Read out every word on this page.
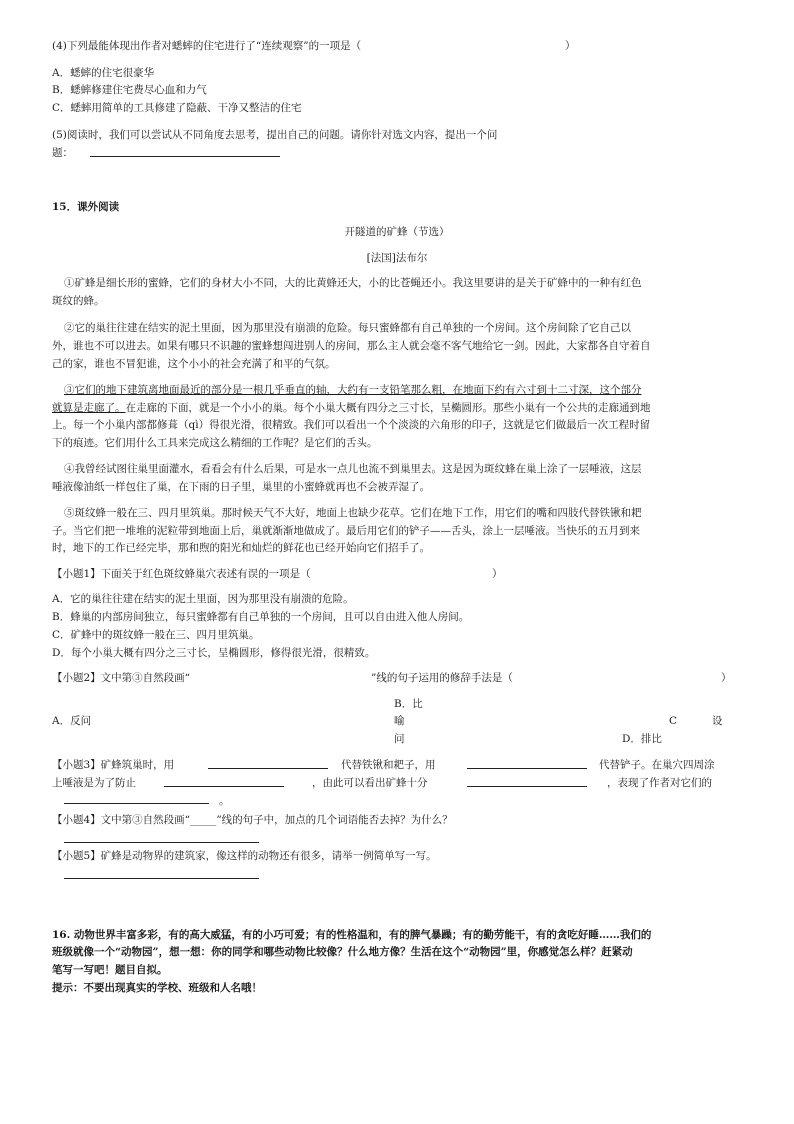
(4)下列最能体现出作者对蟋蟀的住宅进行了“连续观察”的一项是（	）
A．蟋蟀的住宅很豪华
B．蟋蟀修建住宅费尽心血和力气
C．蟋蟀用简单的工具修建了隐蔽、干净又整洁的住宅
(5)阅读时，我们可以尝试从不同角度去思考，提出自己的问题。请你针对选文内容，提出一个问
题：
15．课外阅读
开隧道的矿蜂（节选）
[法国]法布尔
①矿蜂是细长形的蜜蜂，它们的身材大小不同，大的比黄蜂还大，小的比苍蝇还小。我这里要讲的是关于矿蜂中的一种有红色
斑纹的蜂。
②它的巢往往建在结实的泥土里面，因为那里没有崩溃的危险。每只蜜蜂都有自己单独的一个房间。这个房间除了它自己以
外，谁也不可以进去。如果有哪只不识趣的蜜蜂想闯进别人的房间，那么主人就会毫不客气地给它一剑。因此，大家都各自守着自
己的家，谁也不冒犯谁，这个小小的社会充满了和平的气氛。
③它们的地下建筑离地面最近的部分是一根几乎垂直的轴，大约有一支铅笔那么粗，在地面下约有六寸到十二寸深，这个部分
就算是走廊了。在走廊的下面，就是一个小小的巢。每个小巢大概有四分之三寸长，呈椭圆形。那些小巢有一个公共的走廊通到地
上。每一个小巢内部都修葺（qì）得很光滑，很精致。我们可以看出一个个淡淡的六角形的印子，这就是它们做最后一次工程时留
下的痕迹。它们用什么工具来完成这么精细的工作呢？是它们的舌头。
④我曾经试图往巢里面灌水，看看会有什么后果，可是水一点儿也流不到巢里去。这是因为斑纹蜂在巢上涂了一层唾液，这层
唾液像油纸一样包住了巢，在下雨的日子里，巢里的小蜜蜂就再也不会被弄湿了。
⑤斑纹蜂一般在三、四月里筑巢。那时候天气不大好，地面上也缺少花草。它们在地下工作，用它们的嘴和四肢代替铁锹和耙
子。当它们把一堆堆的泥粒带到地面上后，巢就渐渐地做成了。最后用它们的铲子——舌头，涂上一层唾液。当快乐的五月到来
时，地下的工作已经完毕，那和煦的阳光和灿烂的鲜花也已经开始向它们招手了。
【小题1】下面关于红色斑纹蜂巢穴表述有误的一项是（	）
A．它的巢往往建在结实的泥土里面，因为那里没有崩溃的危险。
B．蜂巢的内部房间独立，每只蜜蜂都有自己单独的一个房间，且可以自由进入他人房间。
C．矿蜂中的斑纹蜂一般在三、四月里筑巢。
D．每个小巢大概有四分之三寸长，呈椭圆形，修得很光滑，很精致。
【小题2】文中第③自然段画“	”线的句子运用的修辞手法是（	）
A．反问
B．比
喻
问
C	设
D．排比
【小题3】矿蜂筑巢时，用	代替铁锹和耙子，用	代替铲子。在巢穴四周涂
上唾液是为了防止	，由此可以看出矿蜂十分	，表现了作者对它们的
。
【小题4】文中第③自然段画“_____”线的句子中，加点的几个词语能否去掉？为什么？
【小题5】矿蜂是动物界的建筑家，像这样的动物还有很多，请举一例简单写一写。
16. 动物世界丰富多彩，有的高大威猛，有的小巧可爱；有的性格温和，有的脾气暴躁；有的勤劳能干，有的贪吃好睡……我们的
班级就像一个“动物园”，想一想：你的同学和哪些动物比较像？什么地方像？生活在这个“动物园”里，你感觉怎么样？赶紧动
笔写一写吧！题目自拟。
提示：不要出现真实的学校、班级和人名哦！
